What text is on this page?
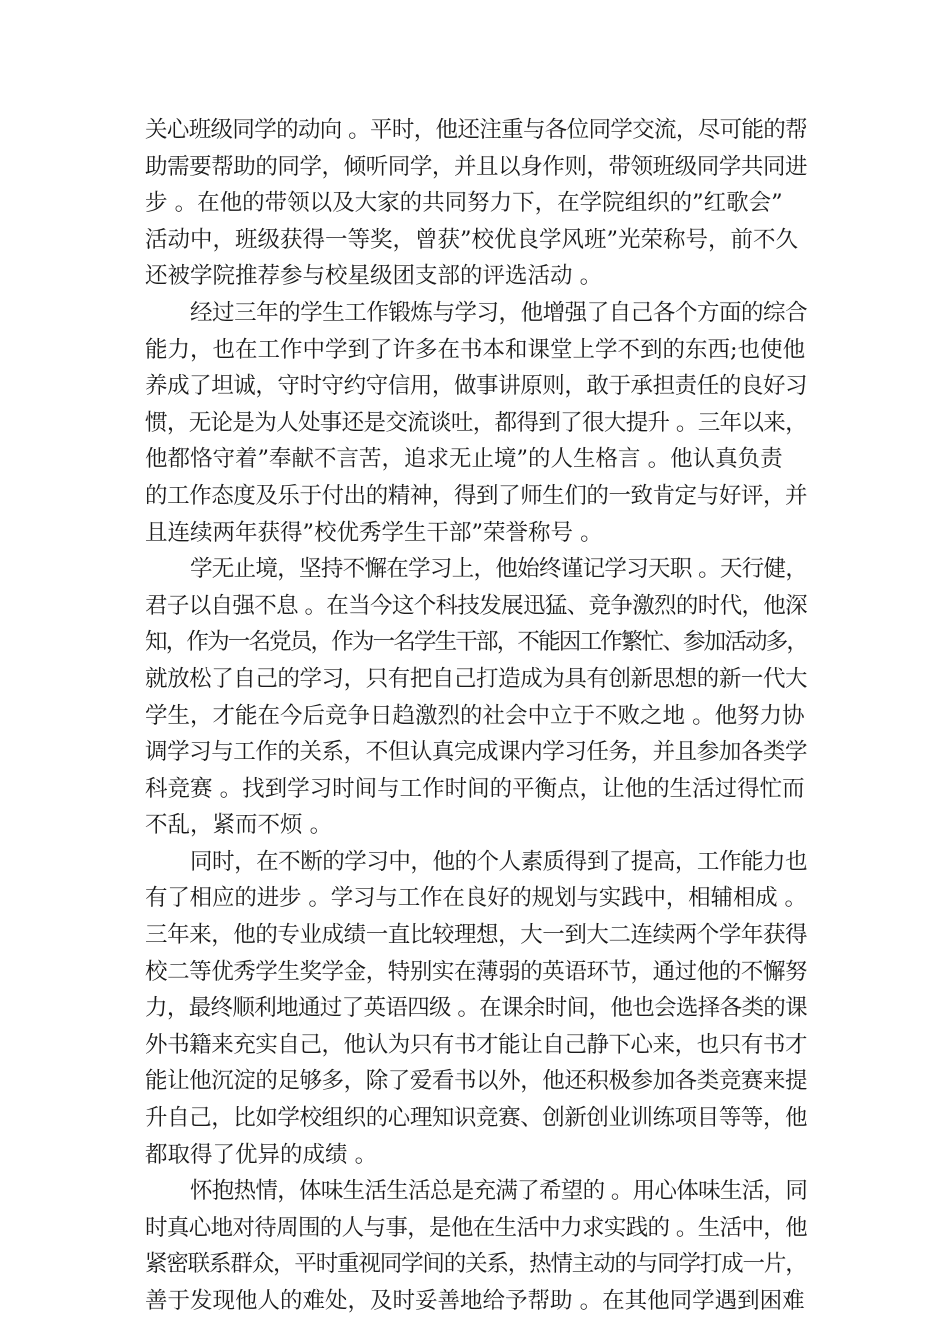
关心班级同学的动向 。平时，他还注重与各位同学交流，尽可能的帮
助需要帮助的同学，倾听同学，并且以身作则，带领班级同学共同进
步 。在他的带领以及大家的共同努力下，在学院组织的”红歌会”
活动中，班级获得一等奖，曾获”校优良学风班”光荣称号，前不久
还被学院推荐参与校星级团支部的评选活动 。
经过三年的学生工作锻炼与学习，他增强了自己各个方面的综合
能力，也在工作中学到了许多在书本和课堂上学不到的东西;也使他
养成了坦诚，守时守约守信用，做事讲原则，敢于承担责任的良好习
惯，无论是为人处事还是交流谈吐，都得到了很大提升 。三年以来，
他都恪守着”奉献不言苦，追求无止境”的人生格言 。他认真负责
的工作态度及乐于付出的精神，得到了师生们的一致肯定与好评，并
且连续两年获得”校优秀学生干部”荣誉称号 。
学无止境，坚持不懈在学习上，他始终谨记学习天职 。天行健，
君子以自强不息 。在当今这个科技发展迅猛、竞争激烈的时代，他深
知，作为一名党员，作为一名学生干部，不能因工作繁忙、参加活动多，
就放松了自己的学习，只有把自己打造成为具有创新思想的新一代大
学生，才能在今后竞争日趋激烈的社会中立于不败之地 。他努力协
调学习与工作的关系，不但认真完成课内学习任务，并且参加各类学
科竞赛 。找到学习时间与工作时间的平衡点，让他的生活过得忙而
不乱，紧而不烦 。
同时，在不断的学习中，他的个人素质得到了提高，工作能力也
有了相应的进步 。学习与工作在良好的规划与实践中，相辅相成 。
三年来，他的专业成绩一直比较理想，大一到大二连续两个学年获得
校二等优秀学生奖学金，特别实在薄弱的英语环节，通过他的不懈努
力，最终顺利地通过了英语四级 。在课余时间，他也会选择各类的课
外书籍来充实自己，他认为只有书才能让自己静下心来，也只有书才
能让他沉淀的足够多，除了爱看书以外，他还积极参加各类竞赛来提
升自己，比如学校组织的心理知识竞赛、创新创业训练项目等等，他
都取得了优异的成绩 。
怀抱热情，体味生活生活总是充满了希望的 。用心体味生活，同
时真心地对待周围的人与事，是他在生活中力求实践的 。生活中，他
紧密联系群众，平时重视同学间的关系，热情主动的与同学打成一片，
善于发现他人的难处，及时妥善地给予帮助 。在其他同学遇到困难
